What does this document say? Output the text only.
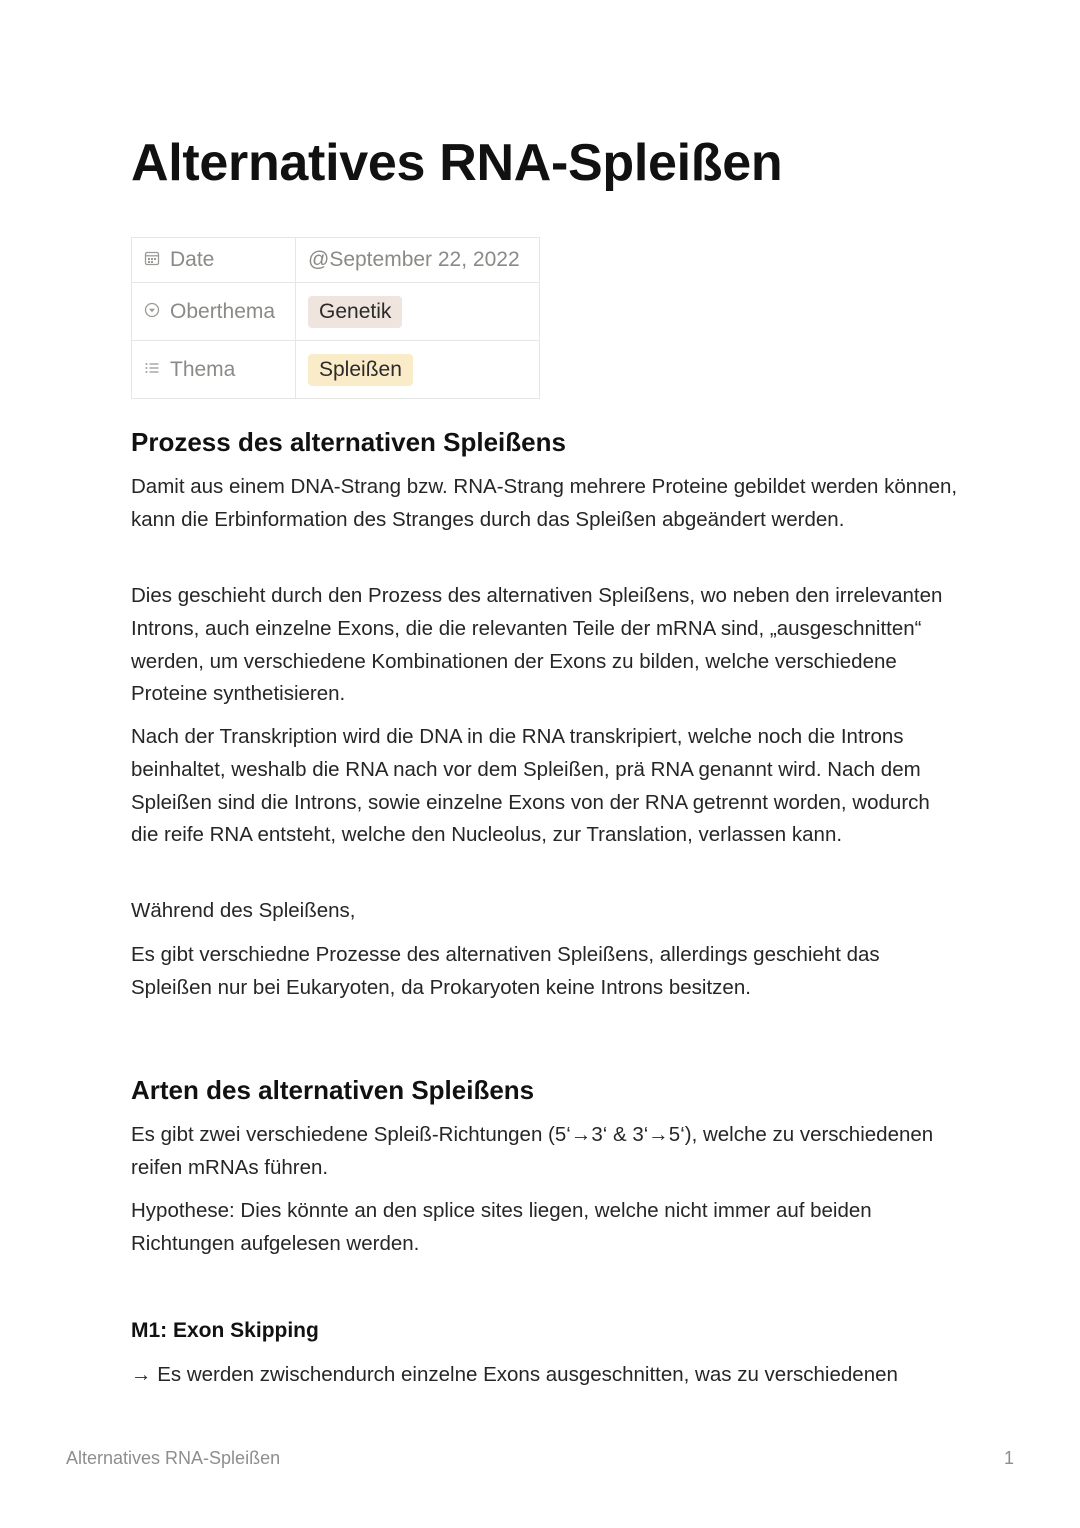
Alternatives RNA-Spleißen
Date	@September 22, 2022

Oberthema	Genetik

Thema	Spleißen
Prozess des alternativen Spleißens

Damit aus einem DNA-Strang bzw. RNA-Strang mehrere Proteine gebildet werden können, kann die Erbinformation des Stranges durch das Spleißen abgeändert werden.

Dies geschieht durch den Prozess des alternativen Spleißens, wo neben den irrelevanten Introns, auch einzelne Exons, die die relevanten Teile der mRNA sind, „ausgeschnitten“ werden, um verschiedene Kombinationen der Exons zu bilden, welche verschiedene Proteine synthetisieren.

Nach der Transkription wird die DNA in die RNA transkripiert, welche noch die Introns beinhaltet, weshalb die RNA nach vor dem Spleißen, prä RNA genannt wird. Nach dem Spleißen sind die Introns, sowie einzelne Exons von der RNA getrennt worden, wodurch die reife RNA entsteht, welche den Nucleolus, zur Translation, verlassen kann.

Während des Spleißens,

Es gibt verschiedne Prozesse des alternativen Spleißens, allerdings geschieht das Spleißen nur bei Eukaryoten, da Prokaryoten keine Introns besitzen.

Arten des alternativen Spleißens

Es gibt zwei verschiedene Spleiß-Richtungen (5‘→3‘ & 3‘→5‘), welche zu verschiedenen reifen mRNAs führen.

Hypothese: Dies könnte an den splice sites liegen, welche nicht immer auf beiden Richtungen aufgelesen werden.

M1: Exon Skipping

→ Es werden zwischendurch einzelne Exons ausgeschnitten, was zu verschiedenen

Alternatives RNA-Spleißen	1
